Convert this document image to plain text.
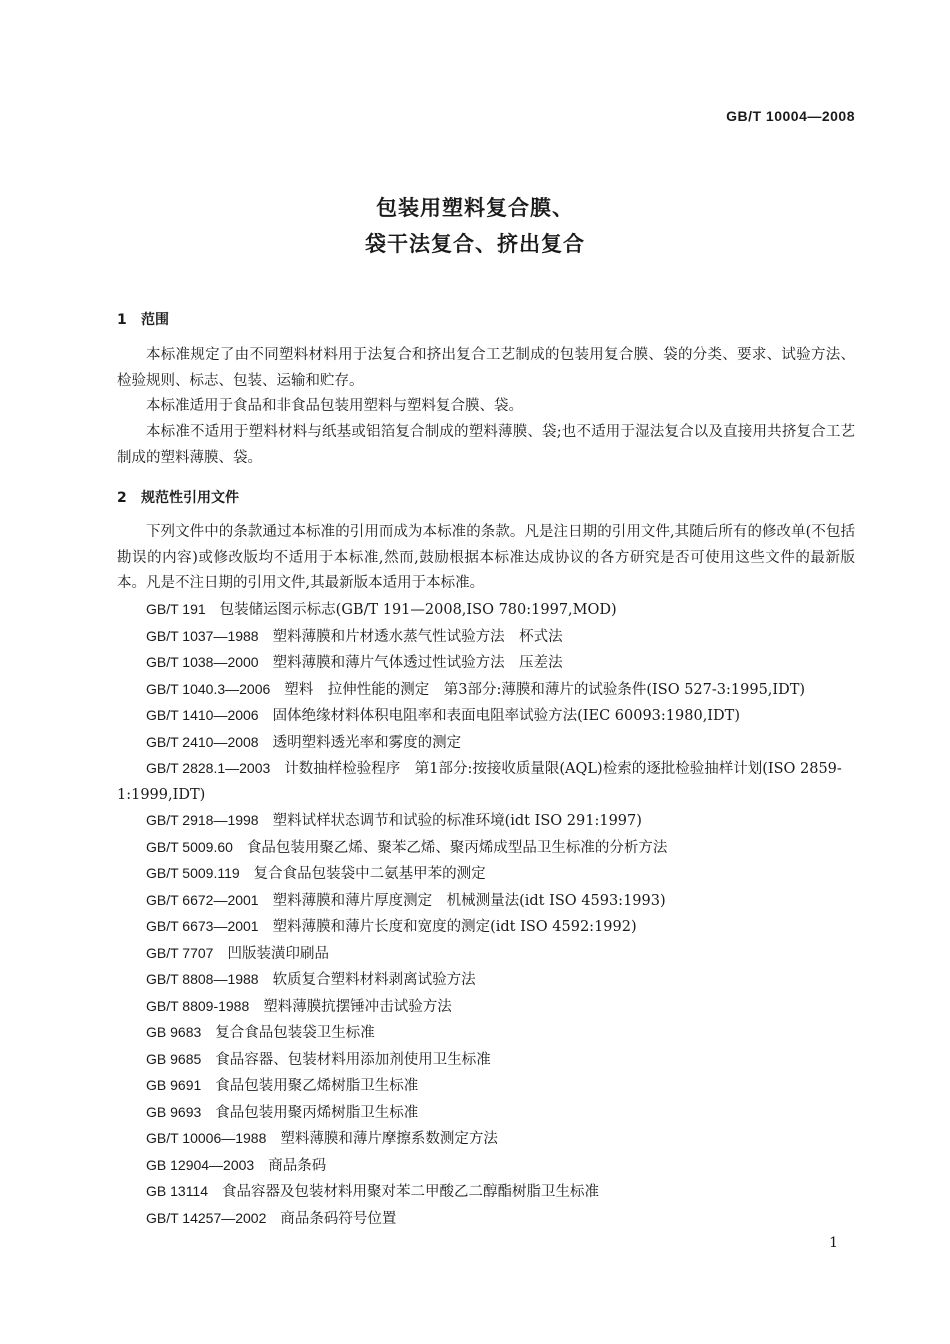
GB/T 10004—2008
包装用塑料复合膜、
袋干法复合、挤出复合
1 范围
本标准规定了由不同塑料材料用于法复合和挤出复合工艺制成的包装用复合膜、袋的分类、要求、试验方法、检验规则、标志、包装、运输和贮存。
本标准适用于食品和非食品包装用塑料与塑料复合膜、袋。
本标准不适用于塑料材料与纸基或铝箔复合制成的塑料薄膜、袋;也不适用于湿法复合以及直接用共挤复合工艺制成的塑料薄膜、袋。
2 规范性引用文件
下列文件中的条款通过本标准的引用而成为本标准的条款。凡是注日期的引用文件,其随后所有的修改单(不包括勘误的内容)或修改版均不适用于本标准,然而,鼓励根据本标准达成协议的各方研究是否可使用这些文件的最新版本。凡是不注日期的引用文件,其最新版本适用于本标准。
GB/T 191 包装储运图示标志(GB/T 191—2008,ISO 780:1997,MOD)
GB/T 1037—1988 塑料薄膜和片材透水蒸气性试验方法　杯式法
GB/T 1038—2000 塑料薄膜和薄片气体透过性试验方法　压差法
GB/T 1040.3—2006 塑料　拉伸性能的测定　第3部分:薄膜和薄片的试验条件(ISO 527-3:1995,IDT)
GB/T 1410—2006 固体绝缘材料体积电阻率和表面电阻率试验方法(IEC 60093:1980,IDT)
GB/T 2410—2008 透明塑料透光率和雾度的测定
GB/T 2828.1—2003 计数抽样检验程序　第1部分:按接收质量限(AQL)检索的逐批检验抽样计划(ISO 2859-1:1999,IDT)
GB/T 2918—1998 塑料试样状态调节和试验的标准环境(idt ISO 291:1997)
GB/T 5009.60 食品包装用聚乙烯、聚苯乙烯、聚丙烯成型品卫生标准的分析方法
GB/T 5009.119 复合食品包装袋中二氨基甲苯的测定
GB/T 6672—2001 塑料薄膜和薄片厚度测定　机械测量法(idt ISO 4593:1993)
GB/T 6673—2001 塑料薄膜和薄片长度和宽度的测定(idt ISO 4592:1992)
GB/T 7707 凹版装潢印刷品
GB/T 8808—1988 软质复合塑料材料剥离试验方法
GB/T 8809-1988 塑料薄膜抗摆锤冲击试验方法
GB 9683 复合食品包装袋卫生标准
GB 9685 食品容器、包装材料用添加剂使用卫生标准
GB 9691 食品包装用聚乙烯树脂卫生标准
GB 9693 食品包装用聚丙烯树脂卫生标准
GB/T 10006—1988 塑料薄膜和薄片摩擦系数测定方法
GB 12904—2003 商品条码
GB 13114 食品容器及包装材料用聚对苯二甲酸乙二醇酯树脂卫生标准
GB/T 14257—2002 商品条码符号位置
1
